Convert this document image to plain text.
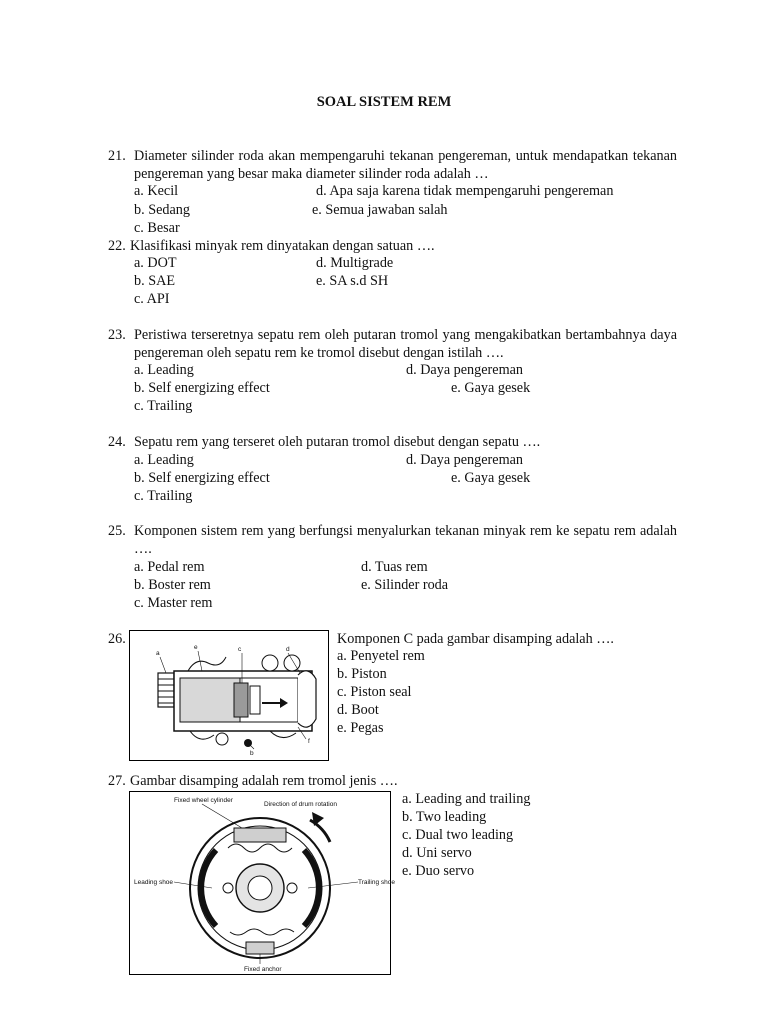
SOAL SISTEM REM
21. Diameter silinder roda akan mempengaruhi tekanan pengereman, untuk mendapatkan tekanan pengereman yang besar maka diameter silinder roda adalah …
a. Kecil
b. Sedang
c. Besar
d. Apa saja karena tidak mempengaruhi pengereman
e. Semua jawaban salah
22. Klasifikasi minyak rem dinyatakan dengan satuan ….
a. DOT
b. SAE
c. API
d. Multigrade
e. SA s.d SH
23. Peristiwa terseretnya sepatu rem oleh putaran tromol yang mengakibatkan bertambahnya daya pengereman oleh sepatu rem ke tromol disebut dengan istilah ….
a. Leading
b. Self energizing effect
c. Trailing
d. Daya pengereman
e. Gaya gesek
24. Sepatu rem yang terseret oleh putaran tromol disebut dengan sepatu ….
a. Leading
b. Self energizing effect
c. Trailing
d. Daya pengereman
e. Gaya gesek
25. Komponen sistem rem yang berfungsi menyalurkan tekanan minyak rem ke sepatu rem adalah ….
a. Pedal rem
b. Boster rem
c. Master rem
d. Tuas rem
e. Silinder roda
26.
a
b
c	d
e
f
Komponen C pada gambar disamping adalah ….
a. Penyetel rem
b. Piston
c. Piston seal
d. Boot
e. Pegas
27. Gambar disamping adalah rem tromol jenis ….
Fixed wheel cylinder
Direction of drum rotation
Leading shoe	Trailing shoe
Fixed anchor
a. Leading and trailing
b. Two leading
c. Dual two leading
d. Uni servo
e. Duo servo
